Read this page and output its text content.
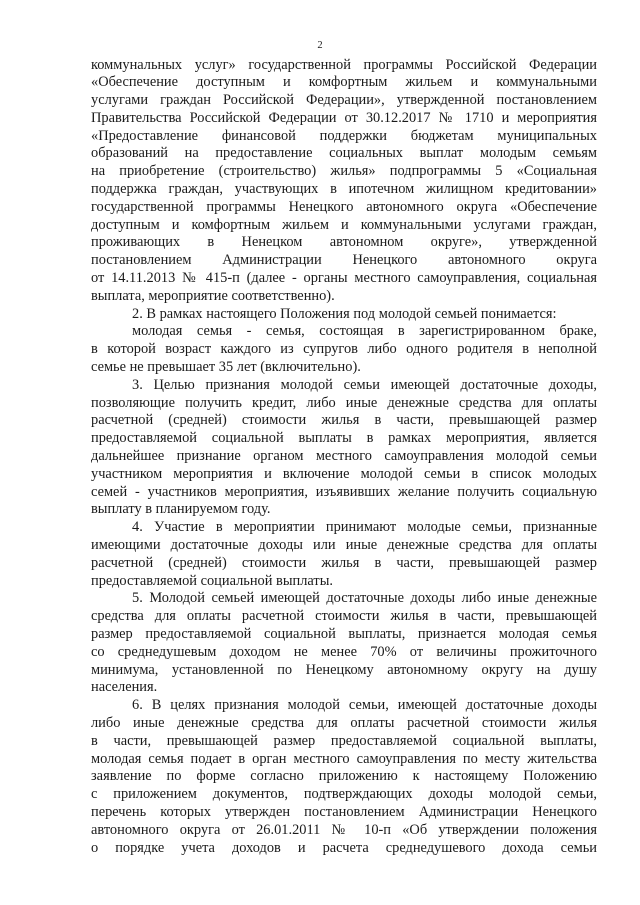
2
коммунальных услуг» государственной программы Российской Федерации
«Обеспечение доступным и комфортным жильем и коммунальными
услугами граждан Российской Федерации», утвержденной постановлением
Правительства Российской Федерации от 30.12.2017 № 1710 и мероприятия
«Предоставление финансовой поддержки бюджетам муниципальных
образований на предоставление социальных выплат молодым семьям
на приобретение (строительство) жилья» подпрограммы 5 «Социальная
поддержка граждан, участвующих в ипотечном жилищном кредитовании»
государственной программы Ненецкого автономного округа «Обеспечение
доступным и комфортным жильем и коммунальными услугами граждан,
проживающих в Ненецком автономном округе», утвержденной
постановлением Администрации Ненецкого автономного округа
от 14.11.2013 № 415-п (далее - органы местного самоуправления, социальная
выплата, мероприятие соответственно).
2. В рамках настоящего Положения под молодой семьей понимается:
молодая семья - семья, состоящая в зарегистрированном браке,
в которой возраст каждого из супругов либо одного родителя в неполной
семье не превышает 35 лет (включительно).
3. Целью признания молодой семьи имеющей достаточные доходы,
позволяющие получить кредит, либо иные денежные средства для оплаты
расчетной (средней) стоимости жилья в части, превышающей размер
предоставляемой социальной выплаты в рамках мероприятия, является
дальнейшее признание органом местного самоуправления молодой семьи
участником мероприятия и включение молодой семьи в список молодых
семей - участников мероприятия, изъявивших желание получить социальную
выплату в планируемом году.
4. Участие в мероприятии принимают молодые семьи, признанные
имеющими достаточные доходы или иные денежные средства для оплаты
расчетной (средней) стоимости жилья в части, превышающей размер
предоставляемой социальной выплаты.
5. Молодой семьей имеющей достаточные доходы либо иные денежные
средства для оплаты расчетной стоимости жилья в части, превышающей
размер предоставляемой социальной выплаты, признается молодая семья
со среднедушевым доходом не менее 70% от величины прожиточного
минимума, установленной по Ненецкому автономному округу на душу
населения.
6. В целях признания молодой семьи, имеющей достаточные доходы
либо иные денежные средства для оплаты расчетной стоимости жилья
в части, превышающей размер предоставляемой социальной выплаты,
молодая семья подает в орган местного самоуправления по месту жительства
заявление по форме согласно приложению к настоящему Положению
с приложением документов, подтверждающих доходы молодой семьи,
перечень которых утвержден постановлением Администрации Ненецкого
автономного округа от 26.01.2011 № 10-п «Об утверждении положения
о порядке учета доходов и расчета среднедушевого дохода семьи
